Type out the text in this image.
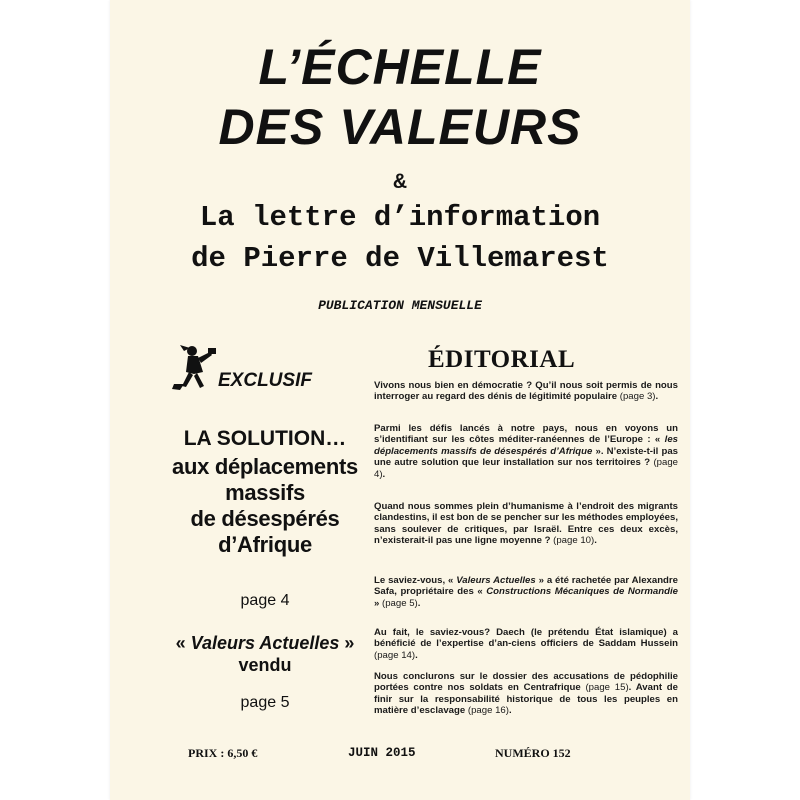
L’ÉCHELLE
DES VALEURS
&
La lettre d’information
de Pierre de Villemarest
PUBLICATION MENSUELLE
EXCLUSIF
LA SOLUTION…
aux déplacements
massifs
de désespérés
d’Afrique
page 4
« Valeurs Actuelles »
vendu
page 5
ÉDITORIAL
Vivons nous bien en démocratie ? Qu’il nous soit permis de nous interroger au regard des dénis de légitimité populaire (page 3).
Parmi les défis lancés à notre pays, nous en voyons un s’identifiant sur les côtes méditer-ranéennes de l’Europe : « les déplacements massifs de désespérés d’Afrique ». N’existe-t-il pas une autre solution que leur installation sur nos territoires ? (page 4).
Quand nous sommes plein d’humanisme à l’endroit des migrants clandestins, il est bon de se pencher sur les méthodes employées, sans soulever de critiques, par Israël. Entre ces deux excès, n’existerait-il pas une ligne moyenne ? (page 10).
Le saviez-vous, « Valeurs Actuelles » a été rachetée par Alexandre Safa, propriétaire des « Constructions Mécaniques de Normandie » (page 5).
Au fait, le saviez-vous? Daech (le prétendu État islamique) a bénéficié de l’expertise d’an-ciens officiers de Saddam Hussein (page 14).
Nous conclurons sur le dossier des accusations de pédophilie portées contre nos soldats en Centrafrique (page 15). Avant de finir sur la responsabilité historique de tous les peuples en matière d’esclavage (page 16).
PRIX : 6,50 €	JUIN 2015	NUMÉRO 152
